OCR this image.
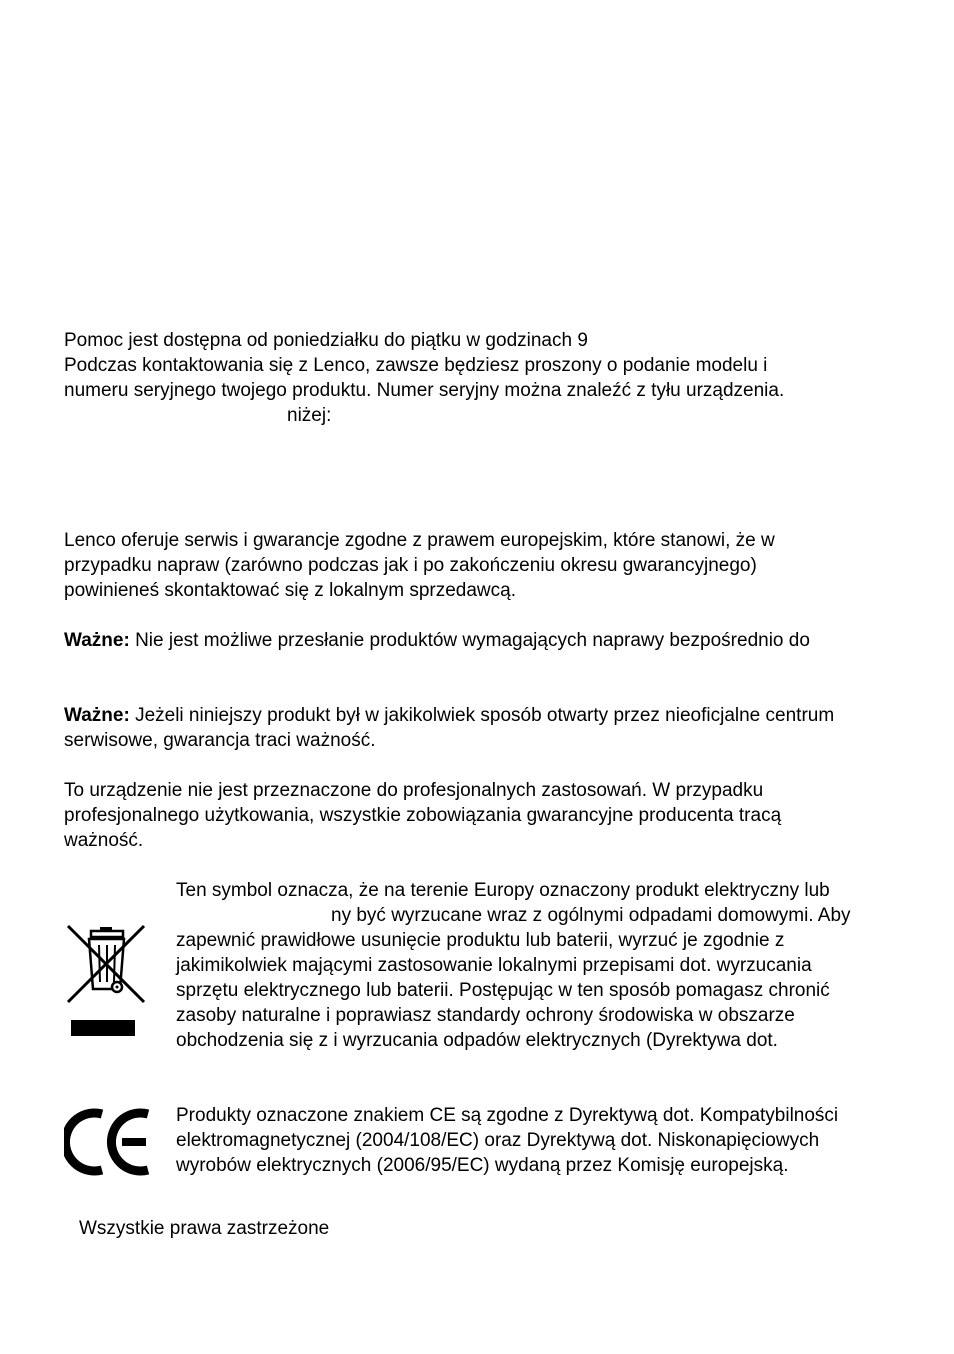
Pomoc jest dostępna od poniedziałku do piątku w godzinach 9

Podczas kontaktowania się z Lenco, zawsze będziesz proszony o podanie modelu i

numeru seryjnego twojego produktu. Numer seryjny można znaleźć z tyłu urządzenia.

niżej:

Lenco oferuje serwis i gwarancje zgodne z prawem europejskim, które stanowi, że w

przypadku napraw (zarówno podczas jak i po zakończeniu okresu gwarancyjnego)

powinieneś skontaktować się z lokalnym sprzedawcą.

Ważne: Nie jest możliwe przesłanie produktów wymagających naprawy bezpośrednio do

Ważne: Jeżeli niniejszy produkt był w jakikolwiek sposób otwarty przez nieoficjalne centrum

serwisowe, gwarancja traci ważność.

To urządzenie nie jest przeznaczone do profesjonalnych zastosowań. W przypadku

profesjonalnego użytkowania, wszystkie zobowiązania gwarancyjne producenta tracą

ważność.

Ten symbol oznacza, że na terenie Europy oznaczony produkt elektryczny lub

ny być wyrzucane wraz z ogólnymi odpadami domowymi. Aby

zapewnić prawidłowe usunięcie produktu lub baterii, wyrzuć je zgodnie z

jakimikolwiek mającymi zastosowanie lokalnymi przepisami dot. wyrzucania

sprzętu elektrycznego lub baterii. Postępując w ten sposób pomagasz chronić

zasoby naturalne i poprawiasz standardy ochrony środowiska w obszarze

obchodzenia się z i wyrzucania odpadów elektrycznych (Dyrektywa dot.

Produkty oznaczone znakiem CE są zgodne z Dyrektywą dot. Kompatybilności

elektromagnetycznej (2004/108/EC) oraz Dyrektywą dot. Niskonapięciowych

wyrobów elektrycznych (2006/95/EC) wydaną przez Komisję europejską.

Wszystkie prawa zastrzeżone
